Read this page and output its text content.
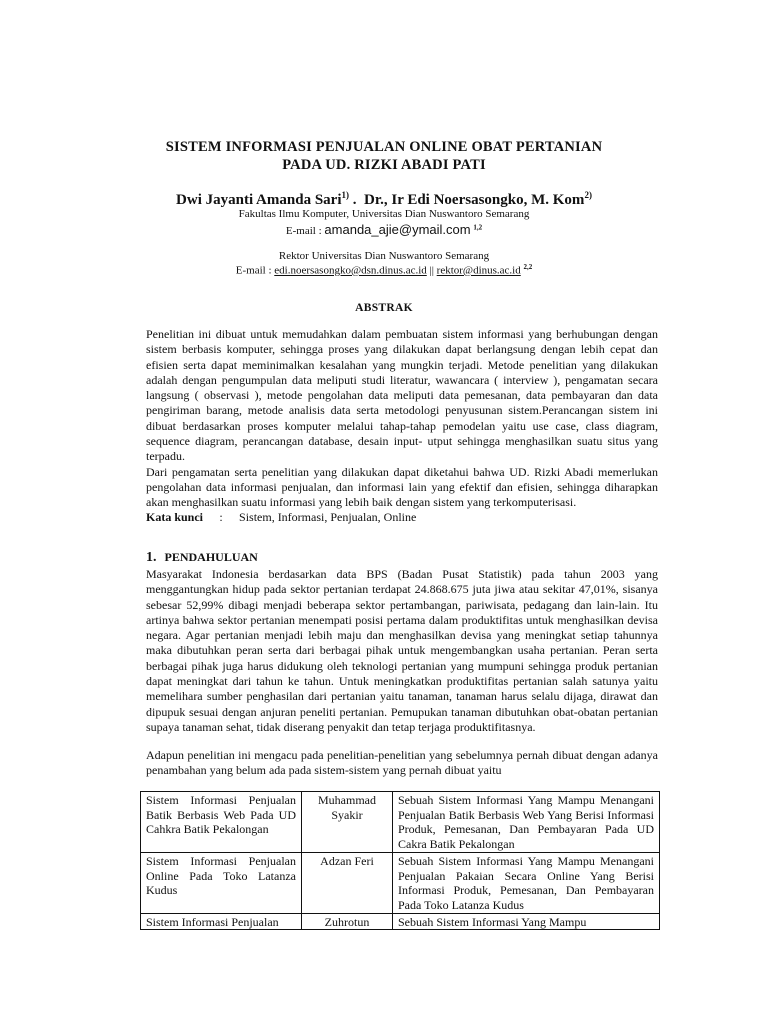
SISTEM INFORMASI PENJUALAN ONLINE OBAT PERTANIAN
PADA UD. RIZKI ABADI PATI
Dwi Jayanti Amanda Sari$^{1)}$ .  Dr., Ir Edi Noersasongko, M. Kom$^{2)}$
Fakultas Ilmu Komputer, Universitas Dian Nuswantoro Semarang
E-mail : amanda_ajie@ymail.com $^{1,2}$
Rektor Universitas Dian Nuswantoro Semarang
E-mail : edi.noersasongko@dsn.dinus.ac.id || rektor@dinus.ac.id $^{2,2}$
ABSTRAK

Penelitian ini dibuat untuk memudahkan dalam pembuatan sistem informasi yang berhubungan dengan sistem berbasis komputer, sehingga proses yang dilakukan dapat berlangsung dengan lebih cepat dan efisien serta dapat meminimalkan kesalahan yang mungkin terjadi. Metode penelitian yang dilakukan adalah dengan pengumpulan data meliputi studi literatur, wawancara ( interview ), pengamatan secara langsung ( observasi ), metode pengolahan data meliputi data pemesanan, data pembayaran dan data pengiriman barang, metode analisis data serta metodologi penyusunan sistem.Perancangan sistem ini dibuat berdasarkan proses komputer melalui tahap-tahap pemodelan yaitu use case, class diagram, sequence diagram, perancangan database, desain input- utput sehingga menghasilkan suatu situs yang terpadu.

Dari pengamatan serta penelitian yang dilakukan dapat diketahui bahwa UD. Rizki Abadi memerlukan pengolahan data informasi penjualan, dan informasi lain yang efektif dan efisien, sehingga diharapkan akan menghasilkan suatu informasi yang lebih baik dengan sistem yang terkomputerisasi.

Kata kunci : Sistem, Informasi, Penjualan, Online
1. PENDAHULUAN

Masyarakat Indonesia berdasarkan data BPS (Badan Pusat Statistik) pada tahun 2003 yang menggantungkan hidup pada sektor pertanian terdapat 24.868.675 juta jiwa atau sekitar 47,01%, sisanya sebesar 52,99% dibagi menjadi beberapa sektor pertambangan, pariwisata, pedagang dan lain-lain. Itu artinya bahwa sektor pertanian menempati posisi pertama dalam produktifitas untuk menghasilkan devisa negara. Agar pertanian menjadi lebih maju dan menghasilkan devisa yang meningkat setiap tahunnya maka dibutuhkan peran serta dari berbagai pihak untuk mengembangkan usaha pertanian. Peran serta berbagai pihak juga harus didukung oleh teknologi pertanian yang mumpuni sehingga produk pertanian dapat meningkat dari tahun ke tahun. Untuk meningkatkan produktifitas pertanian salah satunya yaitu memelihara sumber penghasilan dari pertanian yaitu tanaman, tanaman harus selalu dijaga, dirawat dan dipupuk sesuai dengan anjuran peneliti pertanian. Pemupukan tanaman dibutuhkan obat-obatan pertanian supaya tanaman sehat, tidak diserang penyakit dan tetap terjaga produktifitasnya.

Adapun penelitian ini mengacu pada penelitian-penelitian yang sebelumnya pernah dibuat dengan adanya penambahan yang belum ada pada sistem-sistem yang pernah dibuat yaitu

Sistem Informasi Penjualan Batik Berbasis Web Pada UD Cahkra Batik Pekalongan	Muhammad Syakir	Sebuah Sistem Informasi Yang Mampu Menangani Penjualan Batik Berbasis Web Yang Berisi Informasi Produk, Pemesanan, Dan Pembayaran Pada UD Cakra Batik Pekalongan
Sistem Informasi Penjualan Online Pada Toko Latanza Kudus	Adzan Feri	Sebuah Sistem Informasi Yang Mampu Menangani Penjualan Pakaian Secara Online Yang Berisi Informasi Produk, Pemesanan, Dan Pembayaran Pada Toko Latanza Kudus
Sistem Informasi Penjualan	Zuhrotun	Sebuah Sistem Informasi Yang Mampu
